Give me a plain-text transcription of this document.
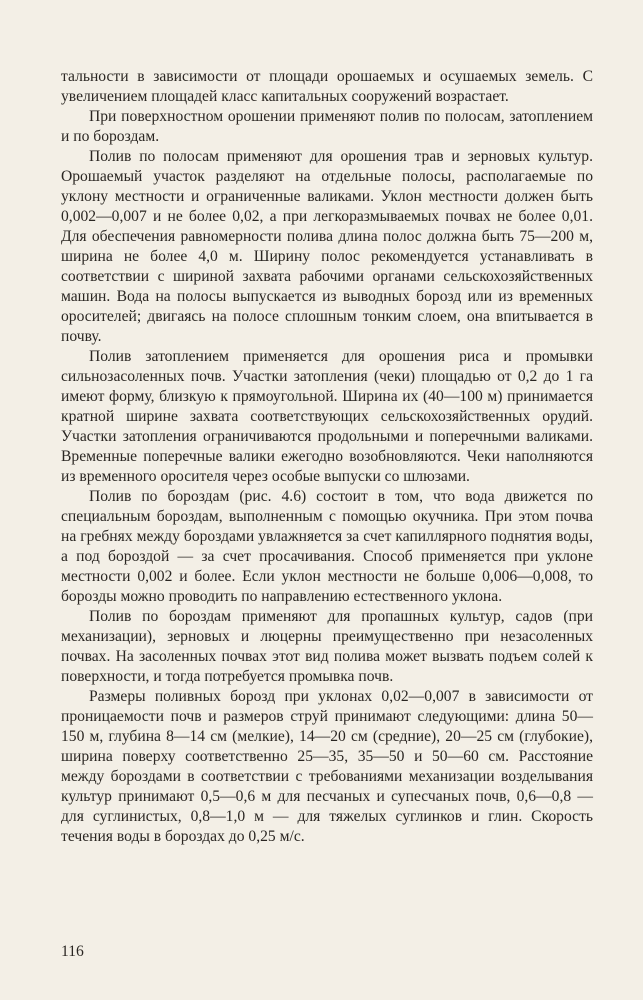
тальности в зависимости от площади орошаемых и осушаемых земель. С увеличением площадей класс капитальных сооружений возрастает.

При поверхностном орошении применяют полив по полосам, затоплением и по бороздам.

Полив по полосам применяют для орошения трав и зерновых культур. Орошаемый участок разделяют на отдельные полосы, располагаемые по уклону местности и ограниченные валиками. Уклон местности должен быть 0,002—0,007 и не более 0,02, а при легкоразмываемых почвах не более 0,01. Для обеспечения равномерности полива длина полос должна быть 75—200 м, ширина не более 4,0 м. Ширину полос рекомендуется устанавливать в соответствии с шириной захвата рабочими органами сельскохозяйственных машин. Вода на полосы выпускается из выводных борозд или из временных оросителей; двигаясь на полосе сплошным тонким слоем, она впитывается в почву.

Полив затоплением применяется для орошения риса и промывки сильнозасоленных почв. Участки затопления (чеки) площадью от 0,2 до 1 га имеют форму, близкую к прямоугольной. Ширина их (40—100 м) принимается кратной ширине захвата соответствующих сельскохозяйственных орудий. Участки затопления ограничиваются продольными и поперечными валиками. Временные поперечные валики ежегодно возобновляются. Чеки наполняются из временного оросителя через особые выпуски со шлюзами.

Полив по бороздам (рис. 4.6) состоит в том, что вода движется по специальным бороздам, выполненным с помощью окучника. При этом почва на гребнях между бороздами увлажняется за счет капиллярного поднятия воды, а под бороздой — за счет просачивания. Способ применяется при уклоне местности 0,002 и более. Если уклон местности не больше 0,006—0,008, то борозды можно проводить по направлению естественного уклона.

Полив по бороздам применяют для пропашных культур, садов (при механизации), зерновых и люцерны преимущественно при незасоленных почвах. На засоленных почвах этот вид полива может вызвать подъем солей к поверхности, и тогда потребуется промывка почв.

Размеры поливных борозд при уклонах 0,02—0,007 в зависимости от проницаемости почв и размеров струй принимают следующими: длина 50—150 м, глубина 8—14 см (мелкие), 14—20 см (средние), 20—25 см (глубокие), ширина поверху соответственно 25—35, 35—50 и 50—60 см. Расстояние между бороздами в соответствии с требованиями механизации возделывания культур принимают 0,5—0,6 м для песчаных и супесчаных почв, 0,6—0,8 — для суглинистых, 0,8—1,0 м — для тяжелых суглинков и глин. Скорость течения воды в бороздах до 0,25 м/с.

116
